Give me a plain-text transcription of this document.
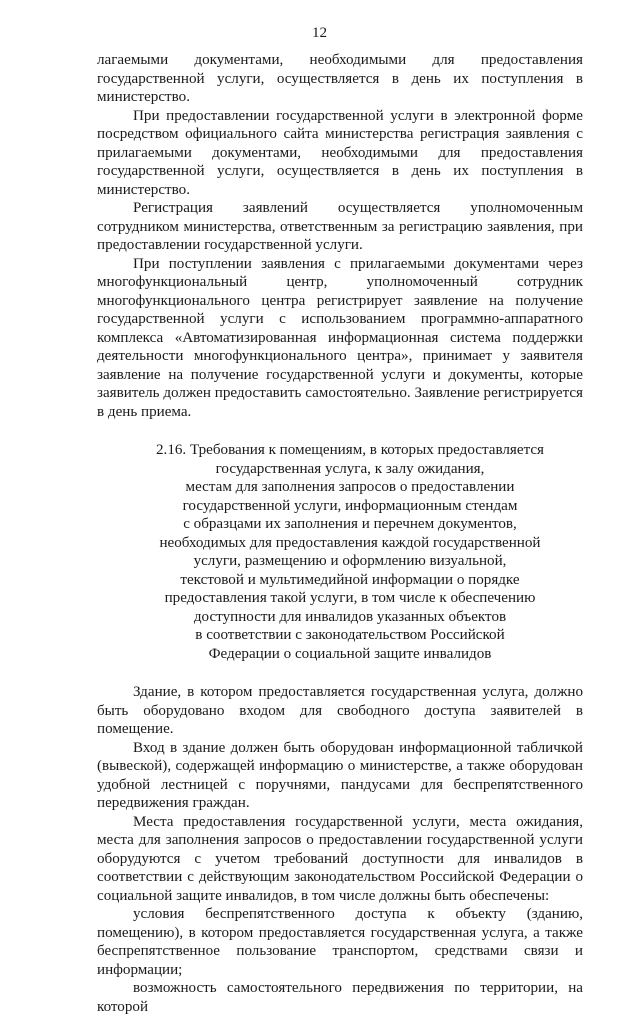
12

лагаемыми документами, необходимыми для предоставления государственной услуги, осуществляется в день их поступления в министерство.

При предоставлении государственной услуги в электронной форме посредством официального сайта министерства регистрация заявления с прилагаемыми документами, необходимыми для предоставления государственной услуги, осуществляется в день их поступления в министерство.

Регистрация заявлений осуществляется уполномоченным сотрудником министерства, ответственным за регистрацию заявления, при предоставлении государственной услуги.

При поступлении заявления с прилагаемыми документами через многофункциональный центр, уполномоченный сотрудник многофункционального центра регистрирует заявление на получение государственной услуги с использованием программно-аппаратного комплекса «Автоматизированная информационная система поддержки деятельности многофункционального центра», принимает у заявителя заявление на получение государственной услуги и документы, которые заявитель должен предоставить самостоятельно. Заявление регистрируется в день приема.

2.16. Требования к помещениям, в которых предоставляется
государственная услуга, к залу ожидания,
местам для заполнения запросов о предоставлении
государственной услуги, информационным стендам
с образцами их заполнения и перечнем документов,
необходимых для предоставления каждой государственной
услуги, размещению и оформлению визуальной,
текстовой и мультимедийной информации о порядке
предоставления такой услуги, в том числе к обеспечению
доступности для инвалидов указанных объектов
в соответствии с законодательством Российской
Федерации о социальной защите инвалидов

Здание, в котором предоставляется государственная услуга, должно быть оборудовано входом для свободного доступа заявителей в помещение.

Вход в здание должен быть оборудован информационной табличкой (вывеской), содержащей информацию о министерстве, а также оборудован удобной лестницей с поручнями, пандусами для беспрепятственного передвижения граждан.

Места предоставления государственной услуги, места ожидания, места для заполнения запросов о предоставлении государственной услуги оборудуются с учетом требований доступности для инвалидов в соответствии с действующим законодательством Российской Федерации о социальной защите инвалидов, в том числе должны быть обеспечены:

условия беспрепятственного доступа к объекту (зданию, помещению), в котором предоставляется государственная услуга, а также беспрепятственное пользование транспортом, средствами связи и информации;

возможность самостоятельного передвижения по территории, на которой
